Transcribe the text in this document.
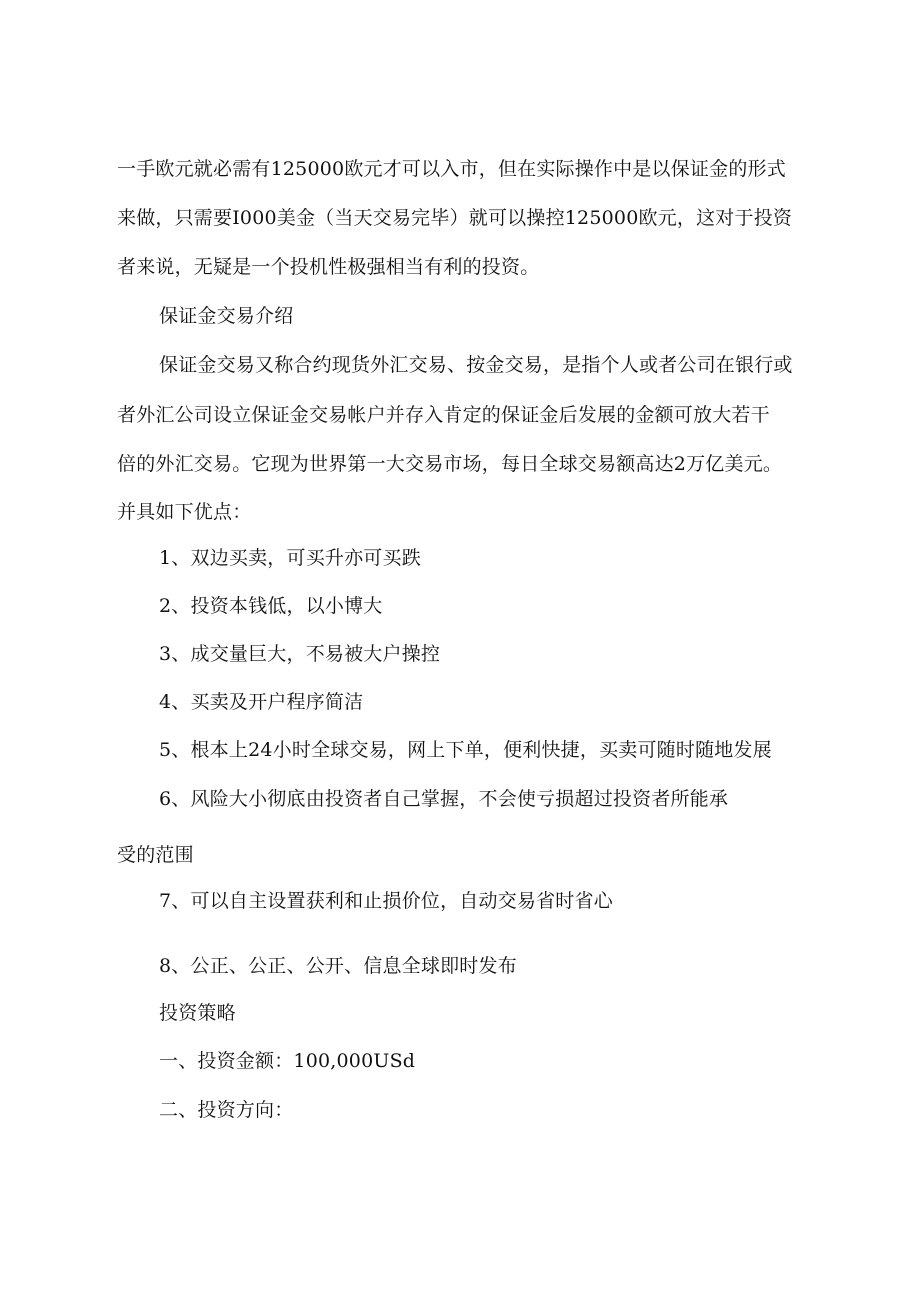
一手欧元就必需有125000欧元才可以入市，但在实际操作中是以保证金的形式
来做，只需要I000美金（当天交易完毕）就可以操控125000欧元，这对于投资
者来说，无疑是一个投机性极强相当有利的投资。
保证金交易介绍
保证金交易又称合约现货外汇交易、按金交易，是指个人或者公司在银行或
者外汇公司设立保证金交易帐户并存入肯定的保证金后发展的金额可放大若干
倍的外汇交易。它现为世界第一大交易市场，每日全球交易额高达2万亿美元。
并具如下优点：
1、双边买卖，可买升亦可买跌
2、投资本钱低，以小博大
3、成交量巨大，不易被大户操控
4、买卖及开户程序简洁
5、根本上24小时全球交易，网上下单，便利快捷，买卖可随时随地发展
6、风险大小彻底由投资者自己掌握，不会使亏损超过投资者所能承
受的范围
7、可以自主设置获利和止损价位，自动交易省时省心
8、公正、公正、公开、信息全球即时发布
投资策略
一、投资金额：100,000USd
二、投资方向：
